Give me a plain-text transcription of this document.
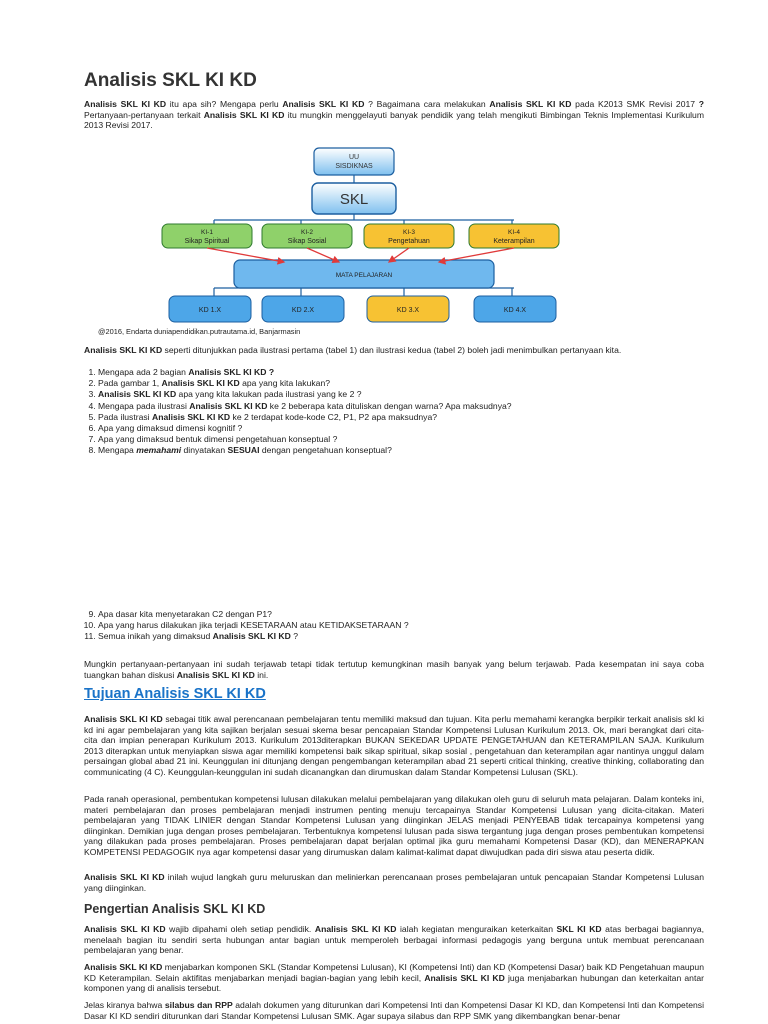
Analisis SKL KI KD

Analisis SKL KI KD itu apa sih? Mengapa perlu Analisis SKL KI KD ? Bagaimana cara melakukan Analisis SKL KI KD pada K2013 SMK Revisi 2017 ? Pertanyaan-pertanyaan terkait Analisis SKL KI KD itu mungkin menggelayuti banyak pendidik yang telah mengikuti Bimbingan Teknis Implementasi Kurikulum 2013 Revisi 2017.

UU
SISDIKNAS
SKL
KI-1
Sikap Spiritual
KI-2
Sikap Sosial
KI-3
Pengetahuan
KI-4
Keterampilan
MATA PELAJARAN
KD 1.X	KD 2.X	KD 3.X	KD 4.X
@2016, Endarta duniapendidikan.putrautama.id, Banjarmasin

Analisis SKL KI KD seperti ditunjukkan pada ilustrasi pertama (tabel 1) dan ilustrasi kedua (tabel 2) boleh jadi menimbulkan pertanyaan kita.

1. Mengapa ada 2 bagian Analisis SKL KI KD ?
2. Pada gambar 1, Analisis SKL KI KD apa yang kita lakukan?
3. Analisis SKL KI KD apa yang kita lakukan pada ilustrasi yang ke 2 ?
4. Mengapa pada ilustrasi Analisis SKL KI KD ke 2 beberapa kata dituliskan dengan warna? Apa maksudnya?
5. Pada ilustrasi Analisis SKL KI KD ke 2 terdapat kode-kode C2, P1, P2 apa maksudnya?
6. Apa yang dimaksud dimensi kognitif ?
7. Apa yang dimaksud bentuk dimensi pengetahuan konseptual ?
8. Mengapa memahami dinyatakan SESUAI dengan pengetahuan konseptual?
9. Apa dasar kita menyetarakan C2 dengan P1?
10. Apa yang harus dilakukan jika terjadi KESETARAAN atau KETIDAKSETARAAN ?
11. Semua inikah yang dimaksud Analisis SKL KI KD ?

Mungkin pertanyaan-pertanyaan ini sudah terjawab tetapi tidak tertutup kemungkinan masih banyak yang belum terjawab. Pada kesempatan ini saya coba tuangkan bahan diskusi Analisis SKL KI KD ini.

Tujuan Analisis SKL KI KD

Analisis SKL KI KD sebagai titik awal perencanaan pembelajaran tentu memiliki maksud dan tujuan. Kita perlu memahami kerangka berpikir terkait analisis skl ki kd ini agar pembelajaran yang kita sajikan berjalan sesuai skema besar pencapaian Standar Kompetensi Lulusan Kurikulum 2013. Ok, mari berangkat dari cita-cita dan impian penerapan Kurikulum 2013. Kurikulum 2013diterapkan BUKAN SEKEDAR UPDATE PENGETAHUAN dan KETERAMPILAN SAJA. Kurikulum 2013 diterapkan untuk menyiapkan siswa agar memiliki kompetensi baik sikap spiritual, sikap sosial , pengetahuan dan keterampilan agar nantinya unggul dalam persaingan global abad 21 ini. Keunggulan ini ditunjang dengan pengembangan keterampilan abad 21 seperti critical thinking, creative thinking, collaborating dan communicating (4 C). Keunggulan-keunggulan ini sudah dicanangkan dan dirumuskan dalam Standar Kompetensi Lulusan (SKL).

Pada ranah operasional, pembentukan kompetensi lulusan dilakukan melalui pembelajaran yang dilakukan oleh guru di seluruh mata pelajaran. Dalam konteks ini, materi pembelajaran dan proses pembelajaran menjadi instrumen penting menuju tercapainya Standar Kompetensi Lulusan yang dicita-citakan. Materi pembelajaran yang TIDAK LINIER dengan Standar Kompetensi Lulusan yang diinginkan JELAS menjadi PENYEBAB tidak tercapainya kompetensi yang diinginkan. Demikian juga dengan proses pembelajaran. Terbentuknya kompetensi lulusan pada siswa tergantung juga dengan proses pembentukan kompetensi yang dilakukan pada proses pembelajaran. Proses pembelajaran dapat berjalan optimal jika guru memahami Kompetensi Dasar (KD), dan MENERAPKAN KOMPETENSI PEDAGOGIK nya agar kompetensi dasar yang dirumuskan dalam kalimat-kalimat dapat diwujudkan pada diri siswa atau peserta didik.

Analisis SKL KI KD inilah wujud langkah guru meluruskan dan melinierkan perencanaan proses pembelajaran untuk pencapaian Standar Kompetensi Lulusan yang diinginkan.

Pengertian Analisis SKL KI KD

Analisis SKL KI KD wajib dipahami oleh setiap pendidik. Analisis SKL KI KD ialah kegiatan menguraikan keterkaitan SKL KI KD atas berbagai bagiannya, menelaah bagian itu sendiri serta hubungan antar bagian untuk memperoleh berbagai informasi pedagogis yang berguna untuk membuat perencanaan pembelajaran yang benar.

Analisis SKL KI KD menjabarkan komponen SKL (Standar Kompetensi Lulusan), KI (Kompetensi Inti) dan KD (Kompetensi Dasar) baik KD Pengetahuan maupun KD Keterampilan. Selain aktifitas menjabarkan menjadi bagian-bagian yang lebih kecil, Analisis SKL KI KD juga menjabarkan hubungan dan keterkaitan antar komponen yang di analisis tersebut.

Jelas kiranya bahwa silabus dan RPP adalah dokumen yang diturunkan dari Kompetensi Inti dan Kompetensi Dasar KI KD, dan Kompetensi Inti dan Kompetensi Dasar KI KD sendiri diturunkan dari Standar Kompetensi Lulusan SMK. Agar supaya silabus dan RPP SMK yang dikembangkan benar-benar
